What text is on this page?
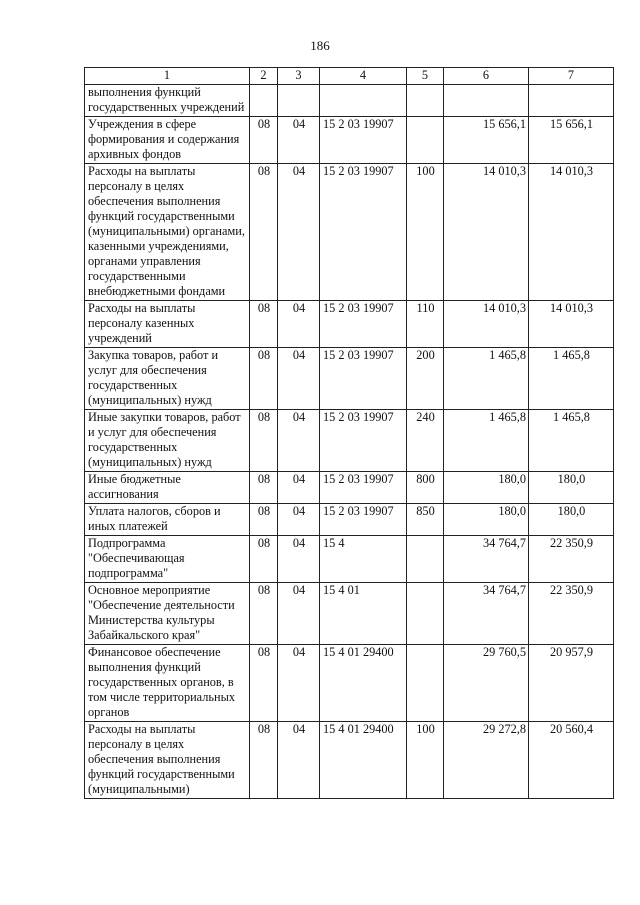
186
1	2	3	4	5	6	7
выполнения функций государственных учреждений						
Учреждения в сфере формирования и содержания архивных фондов	08	04	15 2 03 19907		15 656,1	15 656,1
Расходы на выплаты персоналу в целях обеспечения выполнения функций государственными (муниципальными) органами, казенными учреждениями, органами управления государственными внебюджетными фондами	08	04	15 2 03 19907	100	14 010,3	14 010,3
Расходы на выплаты персоналу казенных учреждений	08	04	15 2 03 19907	110	14 010,3	14 010,3
Закупка товаров, работ и услуг для обеспечения государственных (муниципальных) нужд	08	04	15 2 03 19907	200	1 465,8	1 465,8
Иные закупки товаров, работ и услуг для обеспечения государственных (муниципальных) нужд	08	04	15 2 03 19907	240	1 465,8	1 465,8
Иные бюджетные ассигнования	08	04	15 2 03 19907	800	180,0	180,0
Уплата налогов, сборов и иных платежей	08	04	15 2 03 19907	850	180,0	180,0
Подпрограмма "Обеспечивающая подпрограмма"	08	04	15 4		34 764,7	22 350,9
Основное мероприятие "Обеспечение деятельности Министерства культуры Забайкальского края"	08	04	15 4 01		34 764,7	22 350,9
Финансовое обеспечение выполнения функций государственных органов, в том числе территориальных органов	08	04	15 4 01 29400		29 760,5	20 957,9
Расходы на выплаты персоналу в целях обеспечения выполнения функций государственными (муниципальными)	08	04	15 4 01 29400	100	29 272,8	20 560,4
